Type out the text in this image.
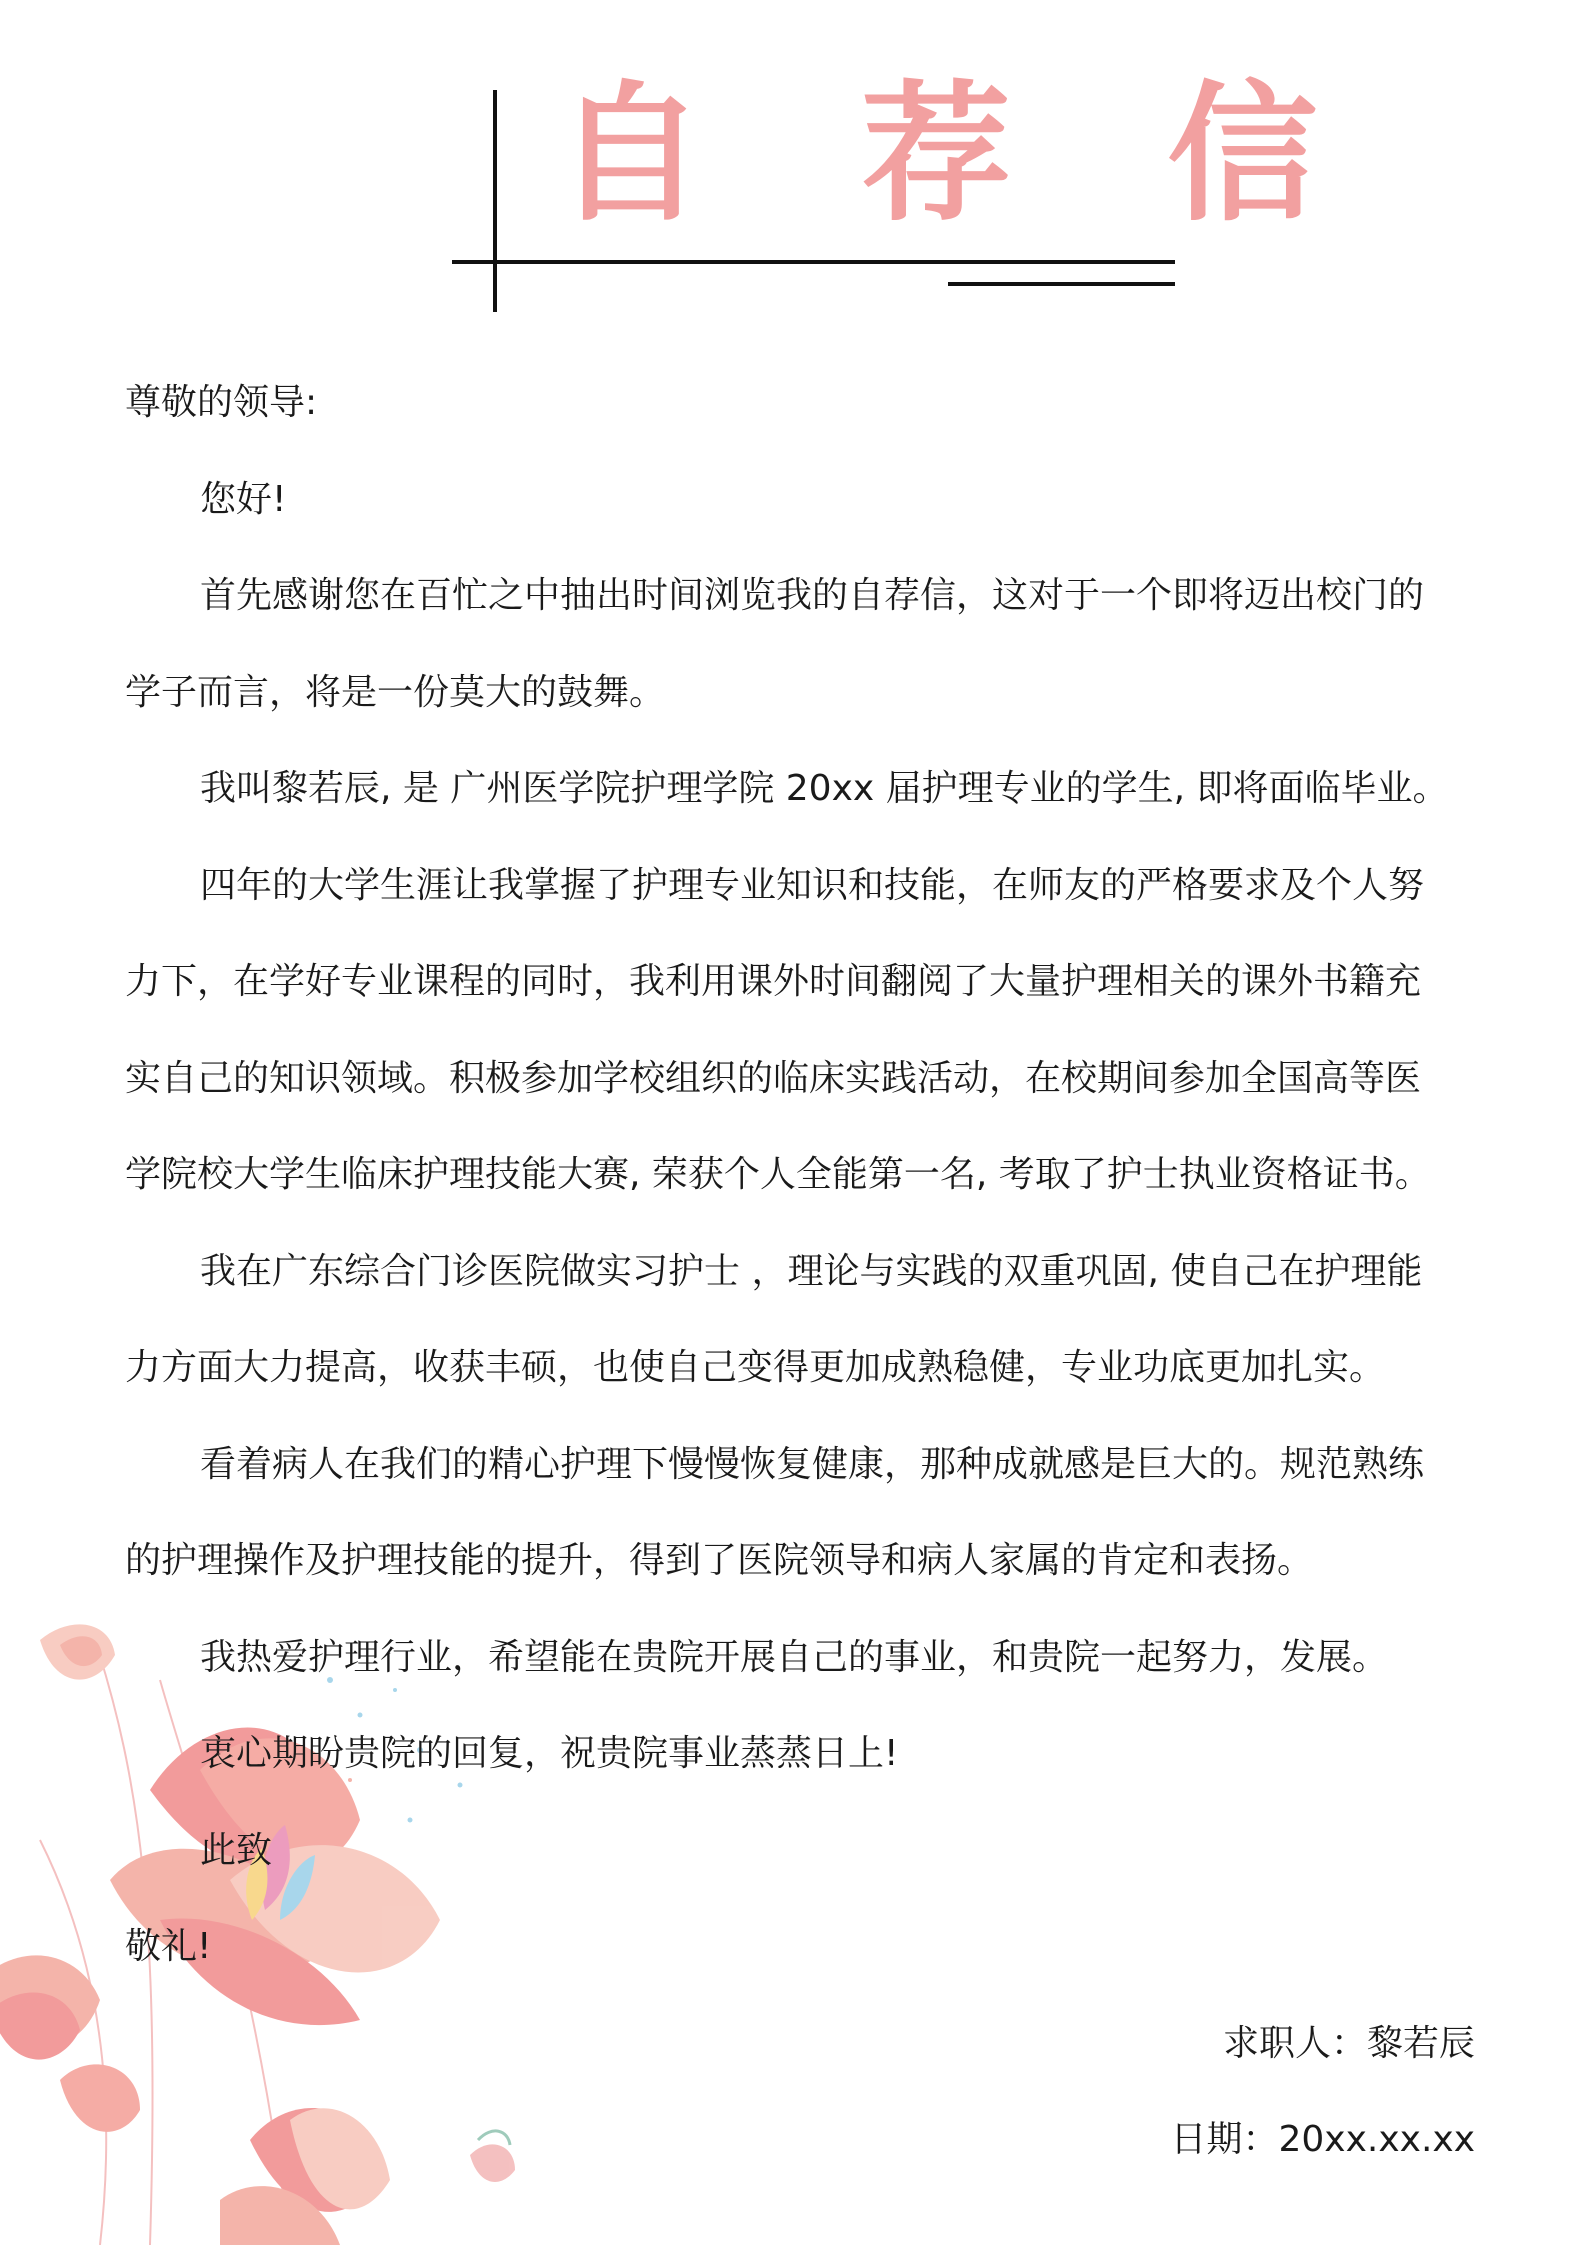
自 荐 信
尊敬的领导:
您好!
首先感谢您在百忙之中抽出时间浏览我的自荐信，这对于一个即将迈出校门的
学子而言，将是一份莫大的鼓舞。
我叫黎若辰, 是 广州医学院护理学院 20xx 届护理专业的学生, 即将面临毕业。
四年的大学生涯让我掌握了护理专业知识和技能，在师友的严格要求及个人努
力下，在学好专业课程的同时，我利用课外时间翻阅了大量护理相关的课外书籍充
实自己的知识领域。积极参加学校组织的临床实践活动，在校期间参加全国高等医
学院校大学生临床护理技能大赛, 荣获个人全能第一名, 考取了护士执业资格证书。
我在广东综合门诊医院做实习护士 ，理论与实践的双重巩固, 使自己在护理能
力方面大力提高，收获丰硕，也使自己变得更加成熟稳健，专业功底更加扎实。
看着病人在我们的精心护理下慢慢恢复健康，那种成就感是巨大的。规范熟练
的护理操作及护理技能的提升，得到了医院领导和病人家属的肯定和表扬。
我热爱护理行业，希望能在贵院开展自己的事业，和贵院一起努力，发展。
衷心期盼贵院的回复，祝贵院事业蒸蒸日上!
此致
敬礼!
求职人：黎若辰
日期：20xx.xx.xx
